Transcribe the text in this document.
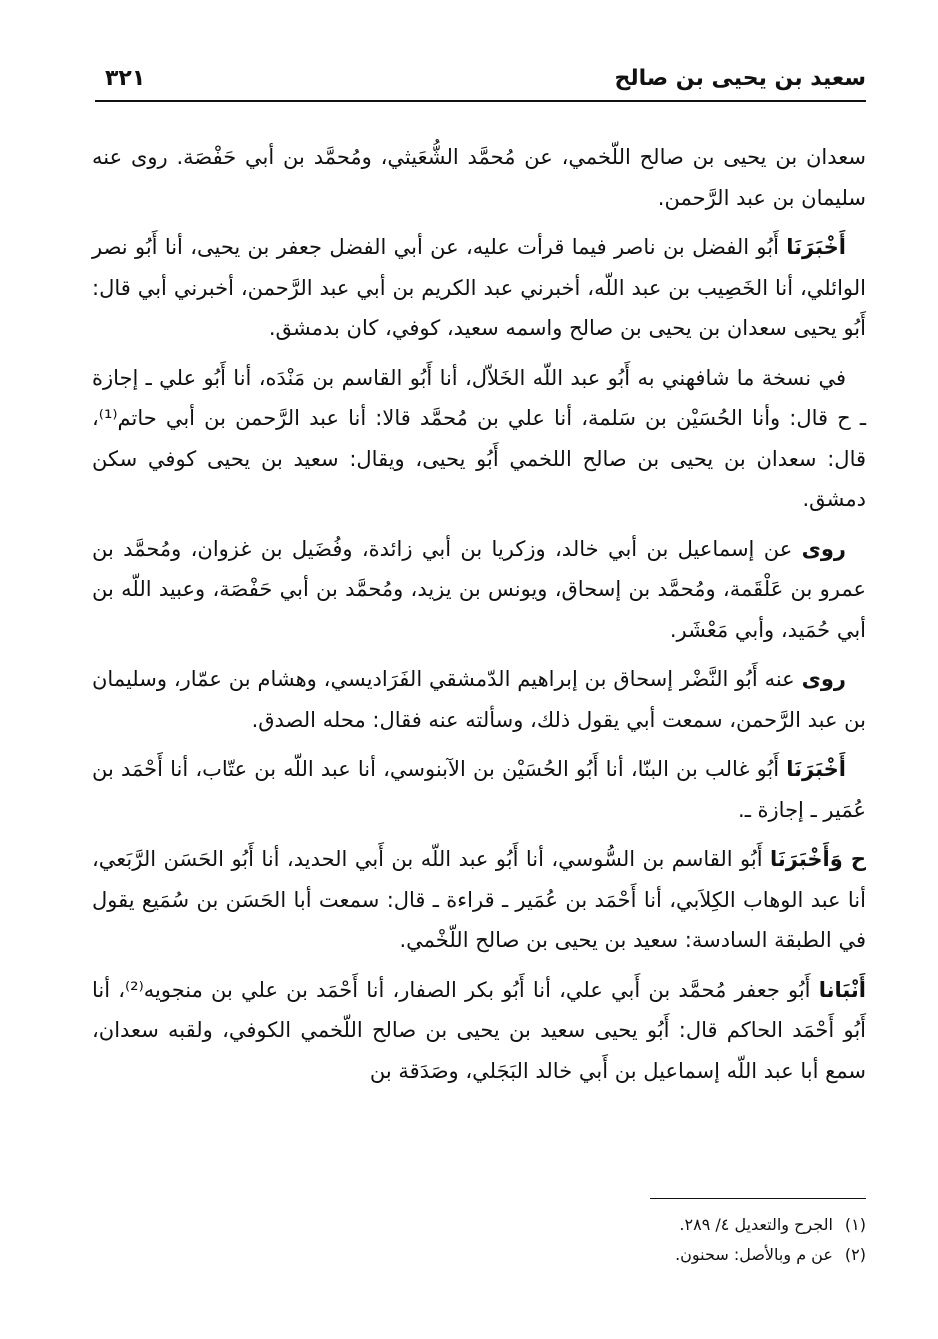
سعيد بن يحيى بن صالح
٣٢١

سعدان بن يحيى بن صالح اللّخمي، عن مُحمَّد الشُّعَيثي، ومُحمَّد بن أبي حَفْصَة. روى عنه سليمان بن عبد الرَّحمن.

أَخْبَرَنَا أَبُو الفضل بن ناصر فيما قرأت عليه، عن أبي الفضل جعفر بن يحيى، أنا أَبُو نصر الوائلي، أنا الخَصِيب بن عبد اللّه، أخبرني عبد الكريم بن أبي عبد الرَّحمن، أخبرني أبي قال: أَبُو يحيى سعدان بن يحيى بن صالح واسمه سعيد، كوفي، كان بدمشق.

في نسخة ما شافهني به أَبُو عبد اللّه الخَلاّل، أنا أَبُو القاسم بن مَنْدَه، أنا أَبُو علي ـ إجازة ـ ح قال: وأنا الحُسَيْن بن سَلمة، أنا علي بن مُحمَّد قالا: أنا عبد الرَّحمن بن أبي حاتم⁽¹⁾، قال: سعدان بن يحيى بن صالح اللخمي أَبُو يحيى، ويقال: سعيد بن يحيى كوفي سكن دمشق.

روى عن إسماعيل بن أبي خالد، وزكريا بن أبي زائدة، وفُضَيل بن غزوان، ومُحمَّد بن عمرو بن عَلْقَمة، ومُحمَّد بن إسحاق، ويونس بن يزيد، ومُحمَّد بن أبي حَفْصَة، وعبيد اللّه بن أبي حُمَيد، وأبي مَعْشَر.

روى عنه أَبُو النَّضْر إسحاق بن إبراهيم الدّمشقي الفَرَاديسي، وهشام بن عمّار، وسليمان بن عبد الرَّحمن، سمعت أبي يقول ذلك، وسألته عنه فقال: محله الصدق.

أَخْبَرَنَا أَبُو غالب بن البنّا، أنا أَبُو الحُسَيْن بن الآبنوسي، أنا عبد اللّه بن عتّاب، أنا أَحْمَد بن عُمَير ـ إجازة ـ.

ح وَأَخْبَرَنَا أَبُو القاسم بن السُّوسي، أنا أَبُو عبد اللّه بن أَبي الحديد، أنا أَبُو الحَسَن الرَّبَعي، أنا عبد الوهاب الكِلاَبي، أنا أَحْمَد بن عُمَير ـ قراءة ـ قال: سمعت أبا الحَسَن بن سُمَيع يقول في الطبقة السادسة: سعيد بن يحيى بن صالح اللّخْمي.

أَنْبَانا أَبُو جعفر مُحمَّد بن أَبي علي، أنا أَبُو بكر الصفار، أنا أَحْمَد بن علي بن منجويه⁽²⁾، أنا أَبُو أَحْمَد الحاكم قال: أَبُو يحيى سعيد بن يحيى بن صالح اللّخمي الكوفي، ولقبه سعدان، سمع أبا عبد اللّه إسماعيل بن أَبي خالد البَجَلي، وصَدَقة بن

(١) الجرح والتعديل ٤/ ٢٨٩.

(٢) عن م وبالأصل: سحنون.
